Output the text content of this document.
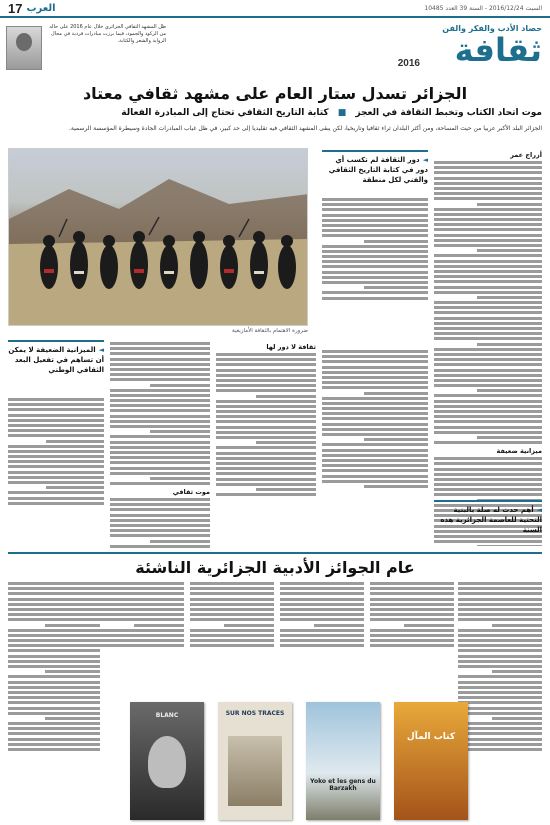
17 العرب	السبت 2016/12/24 - السنة 39 العدد 10485
ظل المشهد الثقافي الجزائري خلال عام 2016 على حاله من الركود والجمود، فيما برزت مبادرات فردية في مجال الرواية والشعر والكتابة.
حصاد الأدب والفكر والفن
ثقافة
2016
الجزائر تسدل ستار العام على مشهد ثقافي معتاد
موت اتحاد الكتاب وتخبط الثقافة في العجز ■ كتابة التاريخ الثقافي تحتاج إلى المبادرة الفعالة
الجزائر البلد الأكبر عربيا من حيث المساحة، ومن أكثر البلدان ثراء ثقافيا وتاريخيا، لكن يبقى المشهد الثقافي فيه تقليديا إلى حد كبير، في ظل غياب المبادرات الجادة وسيطرة المؤسسة الرسمية.
أزراج عمر
ميزانية ضعيفة
◄أهم حدث له صلة بالبنية التحتية للعاصمة الجزائرية هذه السنة
◄دور الثقافة لم تكسب أي دور في كتابة التاريخ الثقافي والفني لكل منطقة
ضرورة الاهتمام بالثقافة الأمازيغية
ثقافة لا دور لها
موت ثقافي
◄الميزانية الضعيفة لا يمكن أن تساهم في تفعيل البعد الثقافي الوطني
عام الجوائز الأدبية الجزائرية الناشئة
كتاب المآل
Yoko et les gens du Barzakh
SUR NOS TRACES
BLANC
